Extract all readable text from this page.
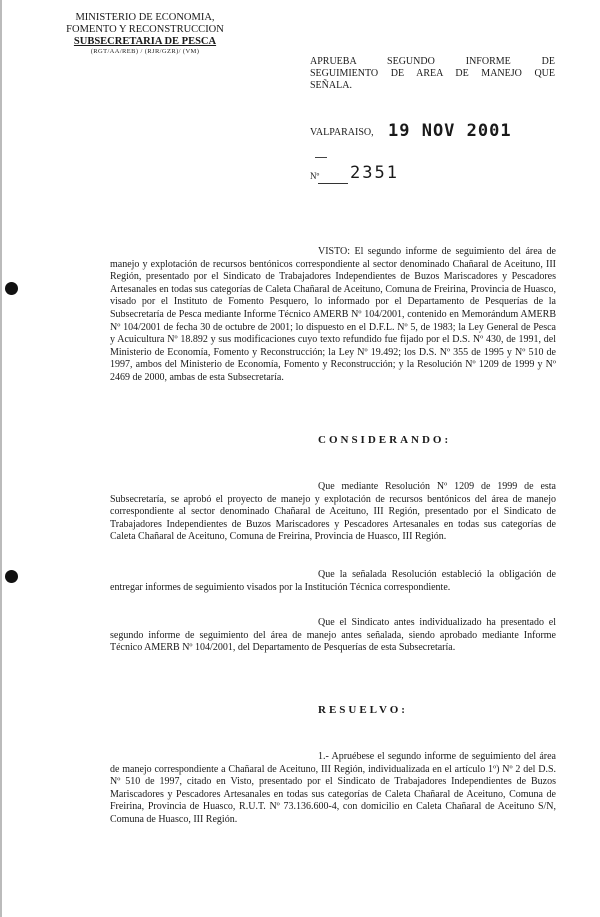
MINISTERIO DE ECONOMIA,
FOMENTO Y RECONSTRUCCION
SUBSECRETARIA DE PESCA
(RGT/AA/REB) / (RJR/GZR)/ (VM)
APRUEBA SEGUNDO INFORME DE SEGUIMIENTO DE AREA DE MANEJO QUE SEÑALA.
VALPARAISO, 19 NOV 2001
Nº 2351
VISTO: El segundo informe de seguimiento del área de manejo y explotación de recursos bentónicos correspondiente al sector denominado Chañaral de Aceituno, III Región, presentado por el Sindicato de Trabajadores Independientes de Buzos Mariscadores y Pescadores Artesanales en todas sus categorías de Caleta Chañaral de Aceituno, Comuna de Freirina, Provincia de Huasco, visado por el Instituto de Fomento Pesquero, lo informado por el Departamento de Pesquerías de la Subsecretaría de Pesca mediante Informe Técnico AMERB Nº 104/2001, contenido en Memorándum AMERB Nº 104/2001 de fecha 30 de octubre de 2001; lo dispuesto en el D.F.L. Nº 5, de 1983; la Ley General de Pesca y Acuicultura Nº 18.892 y sus modificaciones cuyo texto refundido fue fijado por el D.S. Nº 430, de 1991, del Ministerio de Economía, Fomento y Reconstrucción; la Ley Nº 19.492; los D.S. Nº 355 de 1995 y Nº 510 de 1997, ambos del Ministerio de Economía, Fomento y Reconstrucción; y la Resolución Nº 1209 de 1999 y Nº 2469 de 2000, ambas de esta Subsecretaría.
CONSIDERANDO:
Que mediante Resolución Nº 1209 de 1999 de esta Subsecretaría, se aprobó el proyecto de manejo y explotación de recursos bentónicos del área de manejo correspondiente al sector denominado Chañaral de Aceituno, III Región, presentado por el Sindicato de Trabajadores Independientes de Buzos Mariscadores y Pescadores Artesanales en todas sus categorías de Caleta Chañaral de Aceituno, Comuna de Freirina, Provincia de Huasco, III Región.
Que la señalada Resolución estableció la obligación de entregar informes de seguimiento visados por la Institución Técnica correspondiente.
Que el Sindicato antes individualizado ha presentado el segundo informe de seguimiento del área de manejo antes señalada, siendo aprobado mediante Informe Técnico AMERB Nº 104/2001, del Departamento de Pesquerías de esta Subsecretaría.
RESUELVO:
1.- Apruébese el segundo informe de seguimiento del área de manejo correspondiente a Chañaral de Aceituno, III Región, individualizada en el artículo 1º) Nº 2 del D.S. Nº 510 de 1997, citado en Visto, presentado por el Sindicato de Trabajadores Independientes de Buzos Mariscadores y Pescadores Artesanales en todas sus categorías de Caleta Chañaral de Aceituno, Comuna de Freirina, Provincia de Huasco, R.U.T. Nº 73.136.600-4, con domicilio en Caleta Chañaral de Aceituno S/N, Comuna de Huasco, III Región.
